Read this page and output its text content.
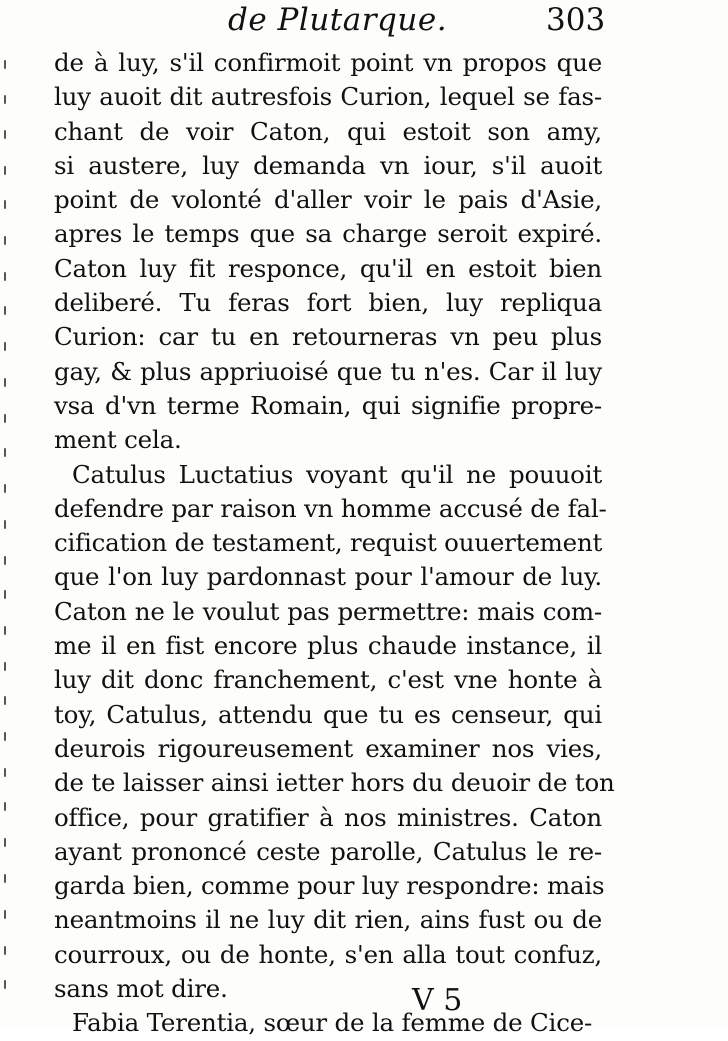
de Plutarque.	303
de à luy, s'il confirmoit point vn propos que
luy auoit dit autresfois Curion, lequel se fas-
chant de voir Caton, qui estoit son amy,
si austere, luy demanda vn iour, s'il auoit
point de volonté d'aller voir le pais d'Asie,
apres le temps que sa charge seroit expiré.
Caton luy fit responce, qu'il en estoit bien
deliberé. Tu feras fort bien, luy repliqua
Curion: car tu en retourneras vn peu plus
gay, & plus appriuoisé que tu n'es. Car il luy
vsa d'vn terme Romain, qui signifie propre-
ment cela.
Catulus Luctatius voyant qu'il ne pouuoit
defendre par raison vn homme accusé de fal-
cification de testament, requist ouuertement
que l'on luy pardonnast pour l'amour de luy.
Caton ne le voulut pas permettre: mais com-
me il en fist encore plus chaude instance, il
luy dit donc franchement, c'est vne honte à
toy, Catulus, attendu que tu es censeur, qui
deurois rigoureusement examiner nos vies,
de te laisser ainsi ietter hors du deuoir de ton
office, pour gratifier à nos ministres. Caton
ayant prononcé ceste parolle, Catulus le re-
garda bien, comme pour luy respondre: mais
neantmoins il ne luy dit rien, ains fust ou de
courroux, ou de honte, s'en alla tout confuz,
sans mot dire.
Fabia Terentia, sœur de la femme de Cice-
V 5
